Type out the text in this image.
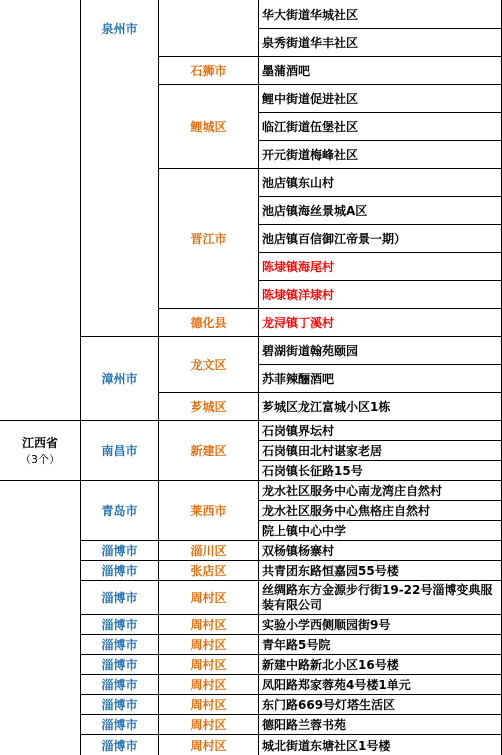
江西省
（3个）
泉州市
漳州市
南昌市
青岛市
淄博市
淄博市
淄博市
淄博市
淄博市
淄博市
淄博市
淄博市
淄博市
淄博市
石狮市
鲤城区
晋江市
德化县
龙文区
芗城区
新建区
莱西市
淄川区
张店区
周村区
周村区
周村区
周村区
周村区
周村区
周村区
周村区
华大街道华城社区
泉秀街道华丰社区
墨蒲酒吧
鲤中街道促进社区
临江街道伍堡社区
开元街道梅峰社区
池店镇东山村
池店镇海丝景城A区
池店镇百信御江帝景一期）
陈埭镇海尾村
陈埭镇洋埭村
龙浔镇丁溪村
碧湖街道翰苑颐园
苏菲辣酾酒吧
芗城区龙江富城小区1栋
石岗镇界坛村
石岗镇田北村谌家老居
石岗镇长征路15号
龙水社区服务中心南龙湾庄自然村
龙水社区服务中心焦格庄自然村
院上镇中心中学
双杨镇杨寨村
共青团东路恒嘉园55号楼
丝绸路东方金源步行街19-22号淄博变典服装有限公司
实验小学西侧顺园街9号
青年路5号院
新建中路新北小区16号楼
凤阳路郑家蓉苑4号楼1单元
东门路669号灯塔生活区
德阳路兰蓉书苑
城北街道东塘社区1号楼
